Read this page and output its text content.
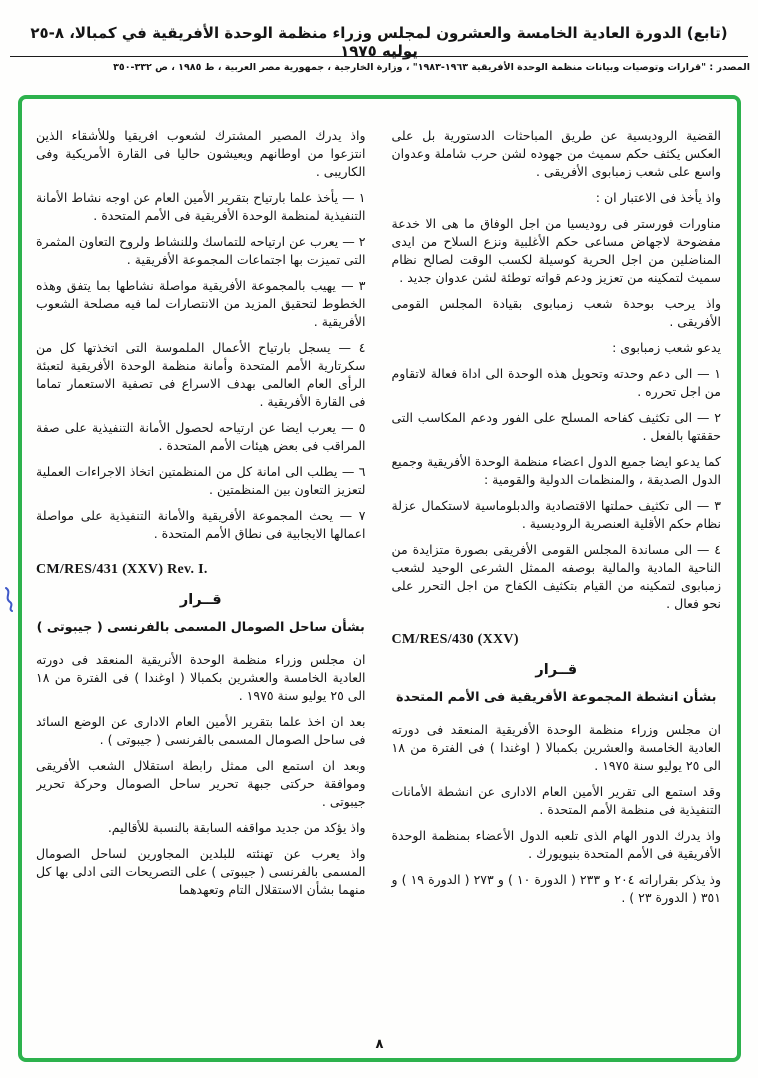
(تابع) الدورة العادية الخامسة والعشرون لمجلس وزراء منظمة الوحدة الأفريقية في كمبالا، ٨-٢٥ يوليه ١٩٧٥
المصدر : "قرارات وتوصيات وبيانات منظمة الوحدة الأفريقية ١٩٦٣-١٩٨٣" ، وزارة الخارجية ، جمهورية مصر العربية ، ط ١٩٨٥ ، ص ٣٣٢-٣٥٠
القضية الروديسية عن طريق المباحثات الدستورية بل على العكس يكثف حكم سميث من جهوده لشن حرب شاملة وعدوان واسع على شعب زمبابوى الأفريقى .
واذ يأخذ فى الاعتبار ان :
مناورات فورستر فى روديسيا من اجل الوفاق ما هى الا خدعة مفضوحة لاجهاض مساعى حكم الأغلبية ونزع السلاح من ايدى المناضلين من اجل الحرية كوسيلة لكسب الوقت لصالح نظام سميث لتمكينه من تعزيز ودعم قواته توطئة لشن عدوان جديد .
واذ يرحب بوحدة شعب زمبابوى بقيادة المجلس القومى الأفريقى .
يدعو شعب زمبابوى :
١ — الى دعم وحدته وتحويل هذه الوحدة الى اداة فعالة لاتقاوم من اجل تحرره .
٢ — الى تكثيف كفاحه المسلح على الفور ودعم المكاسب التى حققتها بالفعل .
كما يدعو ايضا جميع الدول اعضاء منظمة الوحدة الأفريقية وجميع الدول الصديقة ، والمنظمات الدولية والقومية :
٣ — الى تكثيف حملتها الاقتصادية والدبلوماسية لاستكمال عزلة نظام حكم الأقلية العنصرية الروديسية .
٤ — الى مساندة المجلس القومى الأفريقى بصورة متزايدة من الناحية المادية والمالية بوصفه الممثل الشرعى الوحيد لشعب زمبابوى لتمكينه من القيام بتكثيف الكفاح من اجل التحرر على نحو فعال .
CM/RES/430 (XXV)
قــرار
بشأن انشطة المجموعة الأفريقية فى الأمم المتحدة
ان مجلس وزراء منظمة الوحدة الأفريقية المنعقد فى دورته العادية الخامسة والعشرين بكمبالا ( اوغندا ) فى الفترة من ١٨ الى ٢٥ يوليو سنة ١٩٧٥ .
وقد استمع الى تقرير الأمين العام الادارى عن انشطة الأمانات التنفيذية فى منظمة الأمم المتحدة .
واذ يدرك الدور الهام الذى تلعبه الدول الأعضاء بمنظمة الوحدة الأفريقية فى الأمم المتحدة بنيويورك .
وذ يذكر بقراراته ٢٠٤ و ٢٣٣ ( الدورة ١٠ ) و ٢٧٣ ( الدورة ١٩ ) و ٣٥١ ( الدورة ٢٣ ) .
واذ يدرك المصير المشترك لشعوب افريقيا وللأشقاء الذين انتزعوا من اوطانهم ويعيشون حاليا فى القارة الأمريكية وفى الكاريبى .
١ — يأخذ علما بارتياح بتقرير الأمين العام عن اوجه نشاط الأمانة التنفيذية لمنظمة الوحدة الأفريقية فى الأمم المتحدة .
٢ — يعرب عن ارتياحه للتماسك وللنشاط ولروح التعاون المثمرة التى تميزت بها اجتماعات المجموعة الأفريقية .
٣ — يهيب بالمجموعة الأفريقية مواصلة نشاطها بما يتفق وهذه الخطوط لتحقيق المزيد من الانتصارات لما فيه مصلحة الشعوب الأفريقية .
٤ — يسجل بارتياح الأعمال الملموسة التى اتخذتها كل من سكرتارية الأمم المتحدة وأمانة منظمة الوحدة الأفريقية لتعبئة الرأى العام العالمى بهدف الاسراع فى تصفية الاستعمار تماما فى القارة الأفريقية .
٥ — يعرب ايضا عن ارتياحه لحصول الأمانة التنفيذية على صفة المراقب فى بعض هيئات الأمم المتحدة .
٦ — يطلب الى امانة كل من المنظمتين اتخاذ الاجراءات العملية لتعزيز التعاون بين المنظمتين .
٧ — يحث المجموعة الأفريقية والأمانة التنفيذية على مواصلة اعمالها الايجابية فى نطاق الأمم المتحدة .
CM/RES/431 (XXV) Rev. I.
قــرار
بشأن ساحل الصومال المسمى بالفرنسى ( جيبوتى )
ان مجلس وزراء منظمة الوحدة الأنريقية المنعقد فى دورته العادية الخامسة والعشرين بكمبالا ( اوغندا ) فى الفترة من ١٨ الى ٢٥ يوليو سنة ١٩٧٥ .
بعد ان اخذ علما بتقرير الأمين العام الادارى عن الوضع السائد فى ساحل الصومال المسمى بالفرنسى ( جيبوتى ) .
وبعد ان استمع الى ممثل رابطة استقلال الشعب الأفريقى وموافقة حركتى جبهة تحرير ساحل الصومال وحركة تحرير جيبوتى .
واذ يؤكد من جديد مواقفه السابقة بالنسبة للأقاليم.
واذ يعرب عن تهنئته للبلدين المجاورين لساحل الصومال المسمى بالفرنسى ( جيبوتى ) على التصريحات التى ادلى بها كل منهما بشأن الاستقلال التام وتعهدهما
٨
